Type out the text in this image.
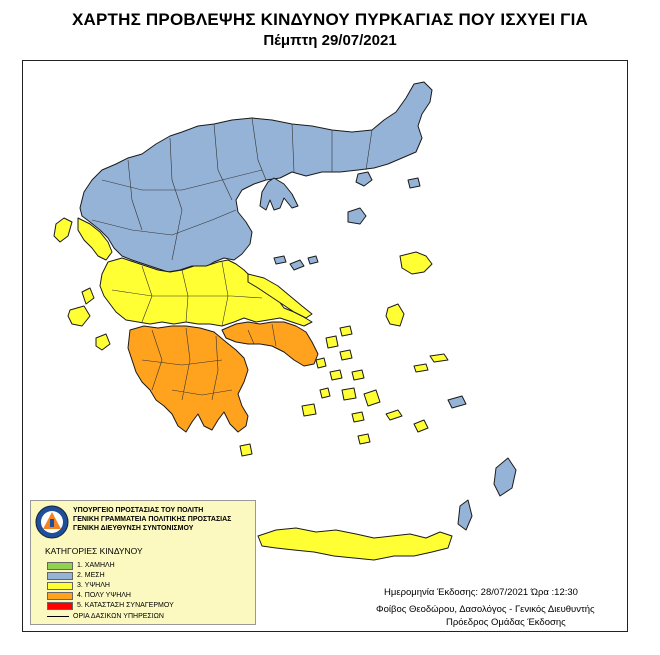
ΧΑΡΤΗΣ ΠΡΟΒΛΕΨΗΣ ΚΙΝΔΥΝΟΥ ΠΥΡΚΑΓΙΑΣ ΠΟΥ ΙΣΧΥΕΙ ΓΙΑ
Πέμπτη 29/07/2021
ΥΠΟΥΡΓΕΙΟ ΠΡΟΣΤΑΣΙΑΣ ΤΟΥ ΠΟΛΙΤΗ
ΓΕΝΙΚΗ ΓΡΑΜΜΑΤΕΙΑ ΠΟΛΙΤΙΚΗΣ ΠΡΟΣΤΑΣΙΑΣ
ΓΕΝΙΚΗ ΔΙΕΥΘΥΝΣΗ ΣΥΝΤΟΝΙΣΜΟΥ
ΚΑΤΗΓΟΡΙΕΣ ΚΙΝΔΥΝΟΥ
1. ΧΑΜΗΛΗ
2. ΜΕΣΗ
3. ΥΨΗΛΗ
4. ΠΟΛΥ ΥΨΗΛΗ
5. ΚΑΤΑΣΤΑΣΗ ΣΥΝΑΓΕΡΜΟΥ
ΟΡΙΑ ΔΑΣΙΚΩΝ ΥΠΗΡΕΣΙΩΝ
Ημερομηνία Έκδοσης: 28/07/2021 Ώρα :12:30
Φοίβος Θεοδώρου, Δασολόγος - Γενικός Διευθυντής
Πρόεδρος Ομάδας Έκδοσης
